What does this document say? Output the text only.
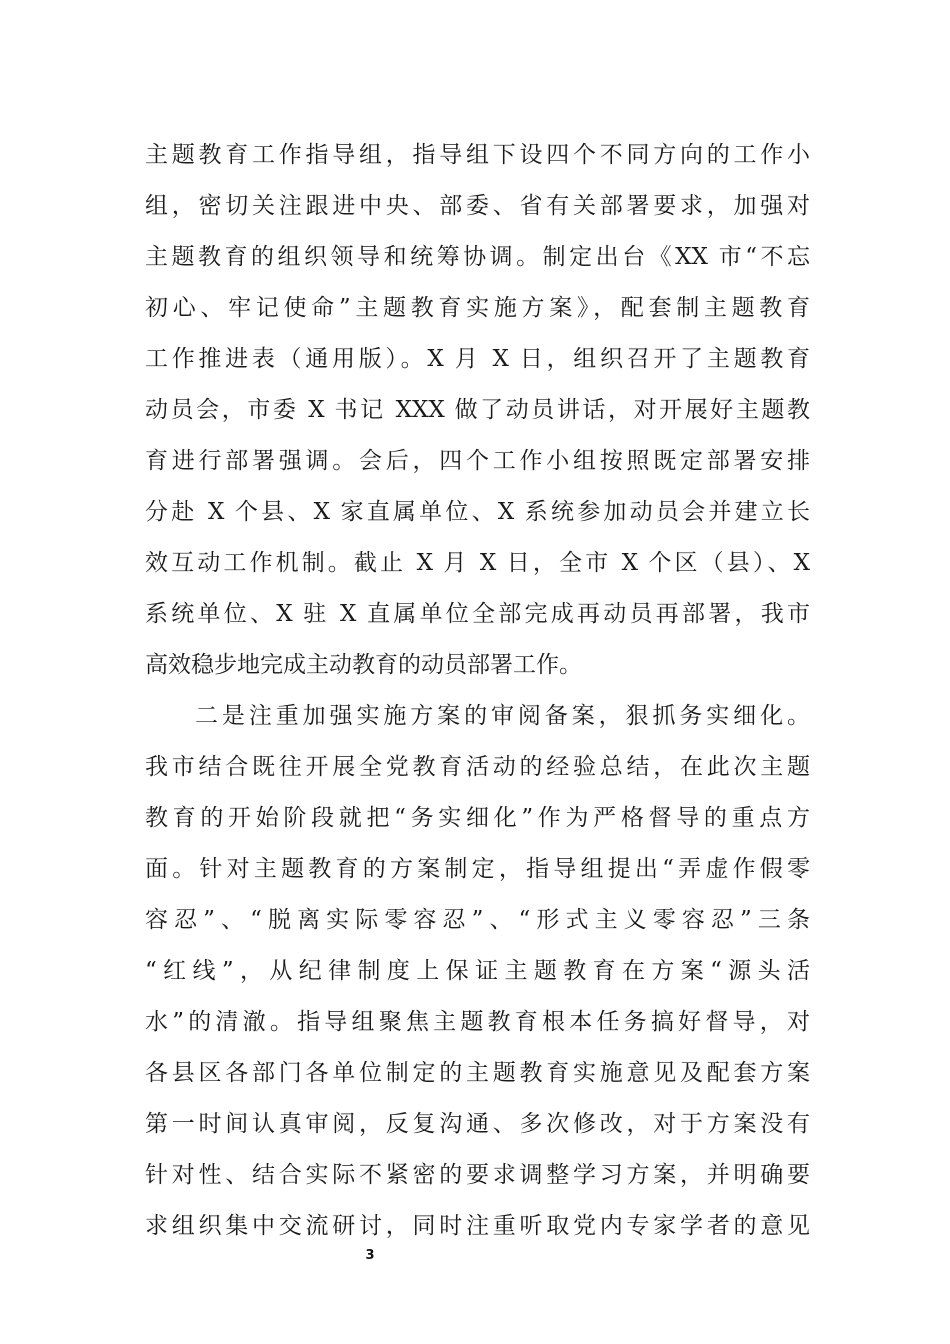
主题教育工作指导组，指导组下设四个不同方向的工作小
组，密切关注跟进中央、部委、省有关部署要求，加强对
主题教育的组织领导和统筹协调。制定出台《XX 市“不忘
初心、牢记使命”主题教育实施方案》，配套制主题教育
工作推进表（通用版）。X 月 X 日，组织召开了主题教育
动员会，市委 X 书记 XXX 做了动员讲话，对开展好主题教
育进行部署强调。会后，四个工作小组按照既定部署安排
分赴 X 个县、X 家直属单位、X 系统参加动员会并建立长
效互动工作机制。截止 X 月 X 日，全市 X 个区（县）、X
系统单位、X 驻 X 直属单位全部完成再动员再部署，我市
高效稳步地完成主动教育的动员部署工作。
二是注重加强实施方案的审阅备案，狠抓务实细化。
我市结合既往开展全党教育活动的经验总结，在此次主题
教育的开始阶段就把“务实细化”作为严格督导的重点方
面。针对主题教育的方案制定，指导组提出“弄虚作假零
容忍”、“脱离实际零容忍”、“形式主义零容忍”三条
“红线”，从纪律制度上保证主题教育在方案“源头活
水”的清澈。指导组聚焦主题教育根本任务搞好督导，对
各县区各部门各单位制定的主题教育实施意见及配套方案
第一时间认真审阅，反复沟通、多次修改，对于方案没有
针对性、结合实际不紧密的要求调整学习方案，并明确要
求组织集中交流研讨，同时注重听取党内专家学者的意见
3
